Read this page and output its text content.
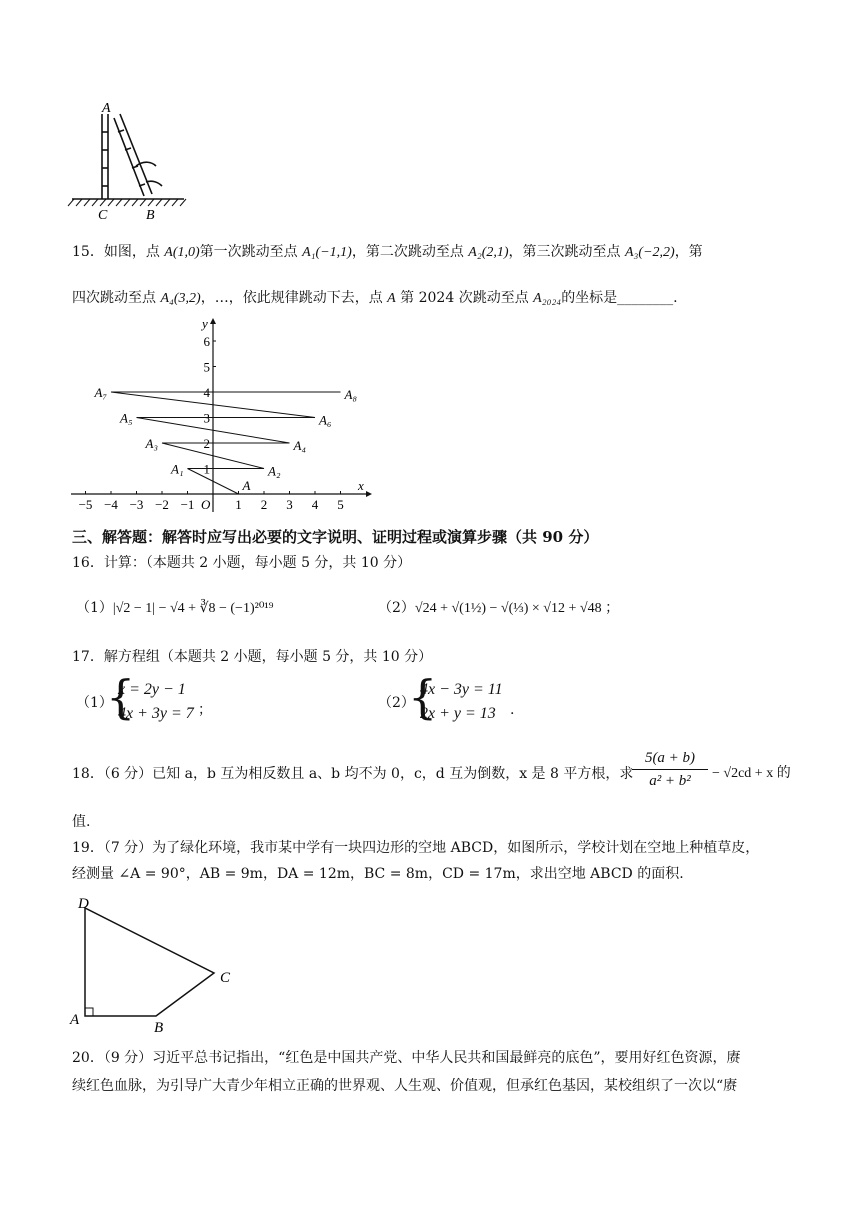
A
C	B
15．如图，点 A(1,0)第一次跳动至点 A₁(−1,1)，第二次跳动至点 A₂(2,1)，第三次跳动至点 A₃(−2,2)，第
四次跳动至点 A₄(3,2)，…，依此规律跳动下去，点 A 第 2024 次跳动至点 A₂₀₂₄的坐标是________.
x
y
O
−5 −4 −3 −2 −1	1 2 3 4 5
1
2
3
4
5
6
A
A₁	A₂
A₃	A₄
A₅	A₆
A₇	A₈
三、解答题：解答时应写出必要的文字说明、证明过程或演算步骤（共 90 分）
16．计算：（本题共 2 小题，每小题 5 分，共 10 分）
（1）|√2 − 1| − √4 + ∛8 − (−1)²⁰¹⁹	（2）√24 + √(1½) − √(⅓) × √12 + √48 ；
17．解方程组（本题共 2 小题，每小题 5 分，共 10 分）
（1）
{
x = 2y − 1
4x + 3y = 7 ；	（2）
{
4x − 3y = 11
2x + y = 13 .
18．（6 分）已知 a，b 互为相反数且 a、b 均不为 0，c，d 互为倒数，x 是 8 平方根，求
5(a + b)
a² + b²	− √2cd + x 的
值.
19．（7 分）为了绿化环境，我市某中学有一块四边形的空地 ABCD，如图所示，学校计划在空地上种植草皮，
经测量 ∠A = 90°，AB = 9m，DA = 12m，BC = 8m，CD = 17m，求出空地 ABCD 的面积.
D
C
A	B
20．（9 分）习近平总书记指出，“红色是中国共产党、中华人民共和国最鲜亮的底色”，要用好红色资源，赓
续红色血脉，为引导广大青少年相立正确的世界观、人生观、价值观，但承红色基因，某校组织了一次以“赓
